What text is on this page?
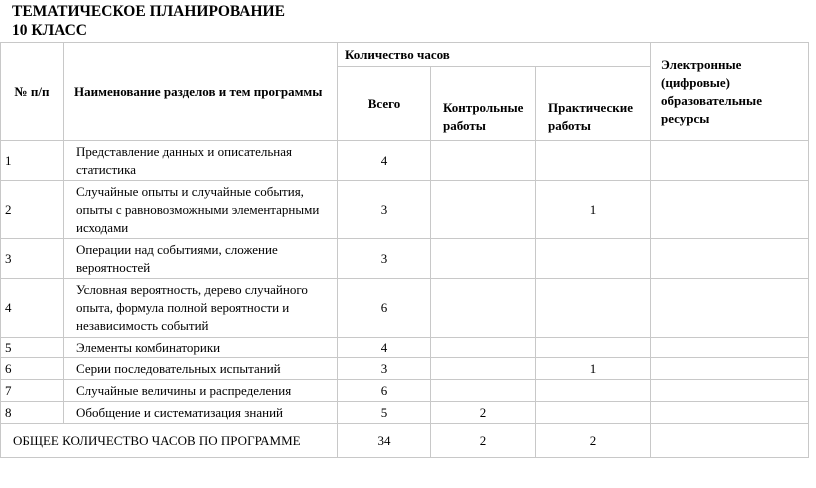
ТЕМАТИЧЕСКОЕ ПЛАНИРОВАНИЕ
10 КЛАСС
№ п/п	Наименование разделов и тем программы	Количество часов			Электронные (цифровые) образовательные ресурсы
		Всего	Контрольные работы	Практические работы	
1	Представление данных и описательная статистика	4			
2	Случайные опыты и случайные события, опыты с равновозможными элементарными исходами	3		1	
3	Операции над событиями, сложение вероятностей	3			
4	Условная вероятность, дерево случайного опыта, формула полной вероятности и независимость событий	6			
5	Элементы комбинаторики	4			
6	Серии последовательных испытаний	3		1	
7	Случайные величины и распределения	6			
8	Обобщение и систематизация знаний	5	2		
ОБЩЕЕ КОЛИЧЕСТВО ЧАСОВ ПО ПРОГРАММЕ		34	2	2	
